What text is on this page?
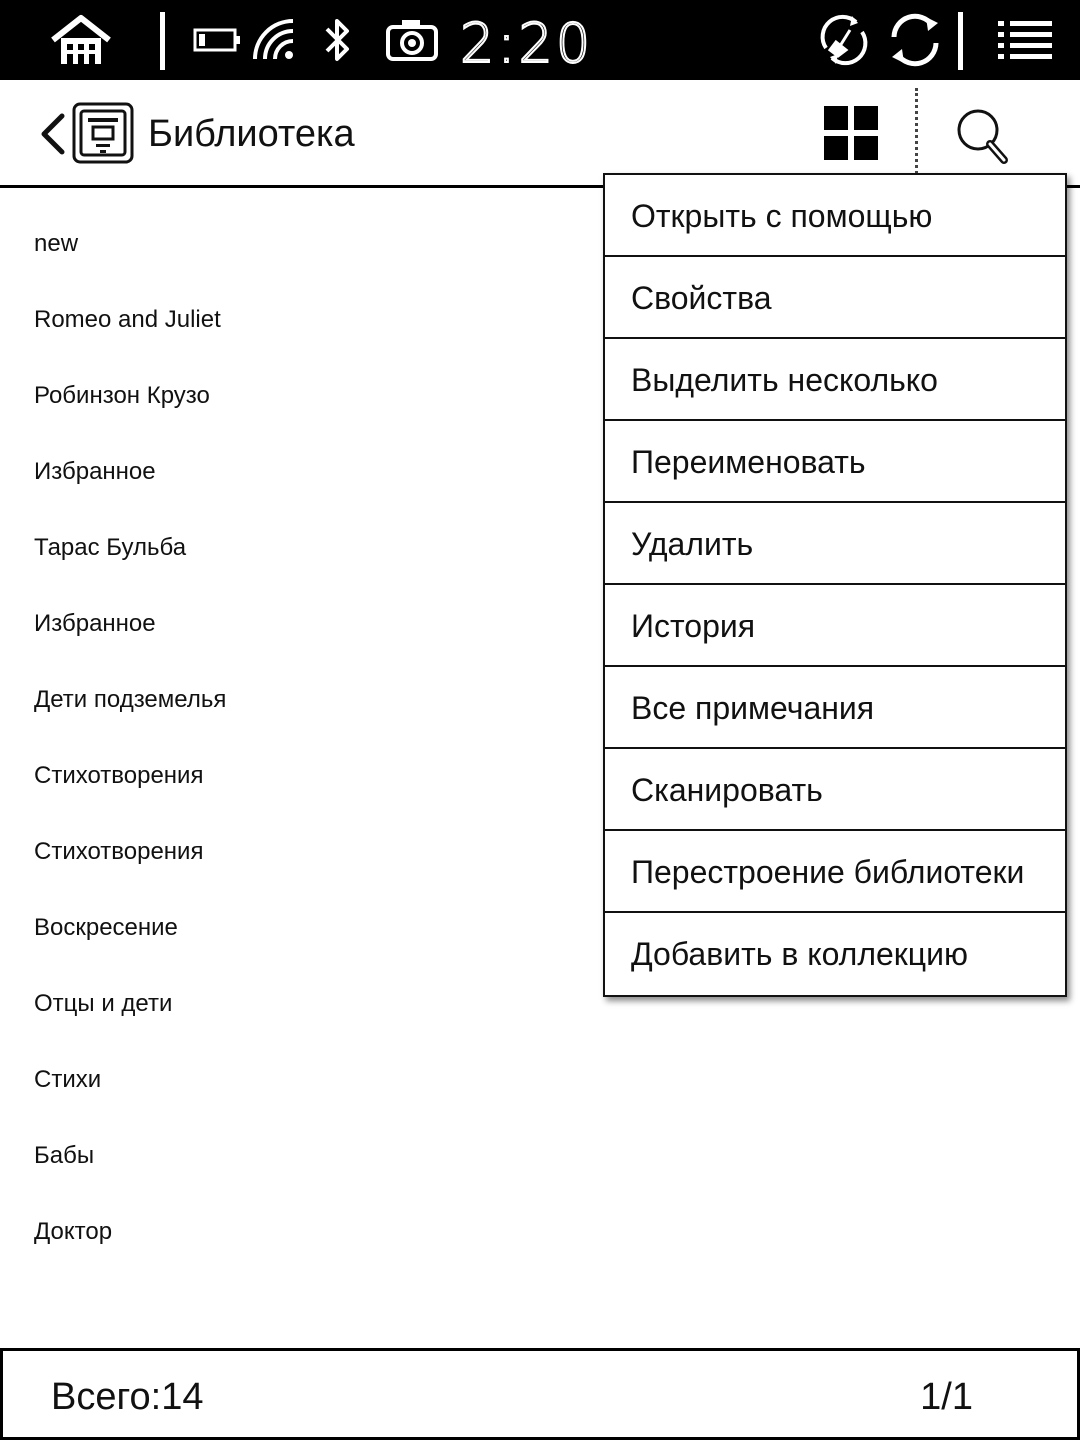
2:20
Библиотека
new
Romeo and Juliet
Робинзон Крузо
Избранное
Тарас Бульба
Избранное
Дети подземелья
Стихотворения
Стихотворения
Воскресение
Отцы и дети
Стихи
Бабы
Доктор
Открыть с помощью
Свойства
Выделить несколько
Переименовать
Удалить
История
Все примечания
Сканировать
Перестроение библиотеки
Добавить в коллекцию
Всего:14	1/1
